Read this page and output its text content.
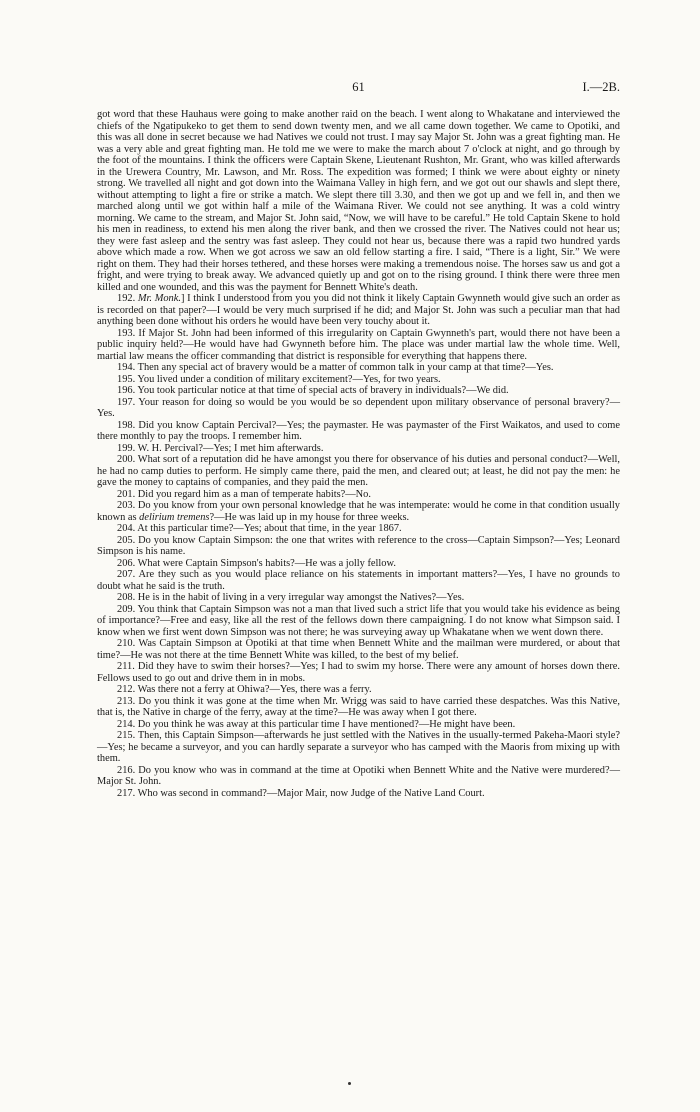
61	I.—2B.

got word that these Hauhaus were going to make another raid on the beach. I went along to Whakatane and interviewed the chiefs of the Ngatipukeko to get them to send down twenty men, and we all came down together. We came to Opotiki, and this was all done in secret because we had Natives we could not trust. I may say Major St. John was a great fighting man. He was a very able and great fighting man. He told me we were to make the march about 7 o'clock at night, and go through by the foot of the mountains. I think the officers were Captain Skene, Lieutenant Rushton, Mr. Grant, who was killed afterwards in the Urewera Country, Mr. Lawson, and Mr. Ross. The expedition was formed; I think we were about eighty or ninety strong. We travelled all night and got down into the Waimana Valley in high fern, and we got out our shawls and slept there, without attempting to light a fire or strike a match. We slept there till 3.30, and then we got up and we fell in, and then we marched along until we got within half a mile of the Waimana River. We could not see anything. It was a cold wintry morning. We came to the stream, and Major St. John said, “Now, we will have to be careful.” He told Captain Skene to hold his men in readiness, to extend his men along the river bank, and then we crossed the river. The Natives could not hear us; they were fast asleep and the sentry was fast asleep. They could not hear us, because there was a rapid two hundred yards above which made a row. When we got across we saw an old fellow starting a fire. I said, “There is a light, Sir.” We were right on them. They had their horses tethered, and these horses were making a tremendous noise. The horses saw us and got a fright, and were trying to break away. We advanced quietly up and got on to the rising ground. I think there were three men killed and one wounded, and this was the payment for Bennett White's death.

192. Mr. Monk.] I think I understood from you you did not think it likely Captain Gwynneth would give such an order as is recorded on that paper?—I would be very much surprised if he did; and Major St. John was such a peculiar man that had anything been done without his orders he would have been very touchy about it.

193. If Major St. John had been informed of this irregularity on Captain Gwynneth's part, would there not have been a public inquiry held?—He would have had Gwynneth before him. The place was under martial law the whole time. Well, martial law means the officer commanding that district is responsible for everything that happens there.

194. Then any special act of bravery would be a matter of common talk in your camp at that time?—Yes.

195. You lived under a condition of military excitement?—Yes, for two years.

196. You took particular notice at that time of special acts of bravery in individuals?—We did.

197. Your reason for doing so would be you would be so dependent upon military observance of personal bravery?—Yes.

198. Did you know Captain Percival?—Yes; the paymaster. He was paymaster of the First Waikatos, and used to come there monthly to pay the troops. I remember him.

199. W. H. Percival?—Yes; I met him afterwards.

200. What sort of a reputation did he have amongst you there for observance of his duties and personal conduct?—Well, he had no camp duties to perform. He simply came there, paid the men, and cleared out; at least, he did not pay the men: he gave the money to captains of companies, and they paid the men.

201. Did you regard him as a man of temperate habits?—No.

203. Do you know from your own personal knowledge that he was intemperate: would he come in that condition usually known as delirium tremens?—He was laid up in my house for three weeks.

204. At this particular time?—Yes; about that time, in the year 1867.

205. Do you know Captain Simpson: the one that writes with reference to the cross—Captain Simpson?—Yes; Leonard Simpson is his name.

206. What were Captain Simpson's habits?—He was a jolly fellow.

207. Are they such as you would place reliance on his statements in important matters?—Yes, I have no grounds to doubt what he said is the truth.

208. He is in the habit of living in a very irregular way amongst the Natives?—Yes.

209. You think that Captain Simpson was not a man that lived such a strict life that you would take his evidence as being of importance?—Free and easy, like all the rest of the fellows down there campaigning. I do not know what Simpson said. I know when we first went down Simpson was not there; he was surveying away up Whakatane when we went down there.

210. Was Captain Simpson at Opotiki at that time when Bennett White and the mailman were murdered, or about that time?—He was not there at the time Bennett White was killed, to the best of my belief.

211. Did they have to swim their horses?—Yes; I had to swim my horse. There were any amount of horses down there. Fellows used to go out and drive them in in mobs.

212. Was there not a ferry at Ohiwa?—Yes, there was a ferry.

213. Do you think it was gone at the time when Mr. Wrigg was said to have carried these despatches. Was this Native, that is, the Native in charge of the ferry, away at the time?—He was away when I got there.

214. Do you think he was away at this particular time I have mentioned?—He might have been.

215. Then, this Captain Simpson—afterwards he just settled with the Natives in the usually-termed Pakeha-Maori style?—Yes; he became a surveyor, and you can hardly separate a surveyor who has camped with the Maoris from mixing up with them.

216. Do you know who was in command at the time at Opotiki when Bennett White and the Native were murdered?—Major St. John.

217. Who was second in command?—Major Mair, now Judge of the Native Land Court.
